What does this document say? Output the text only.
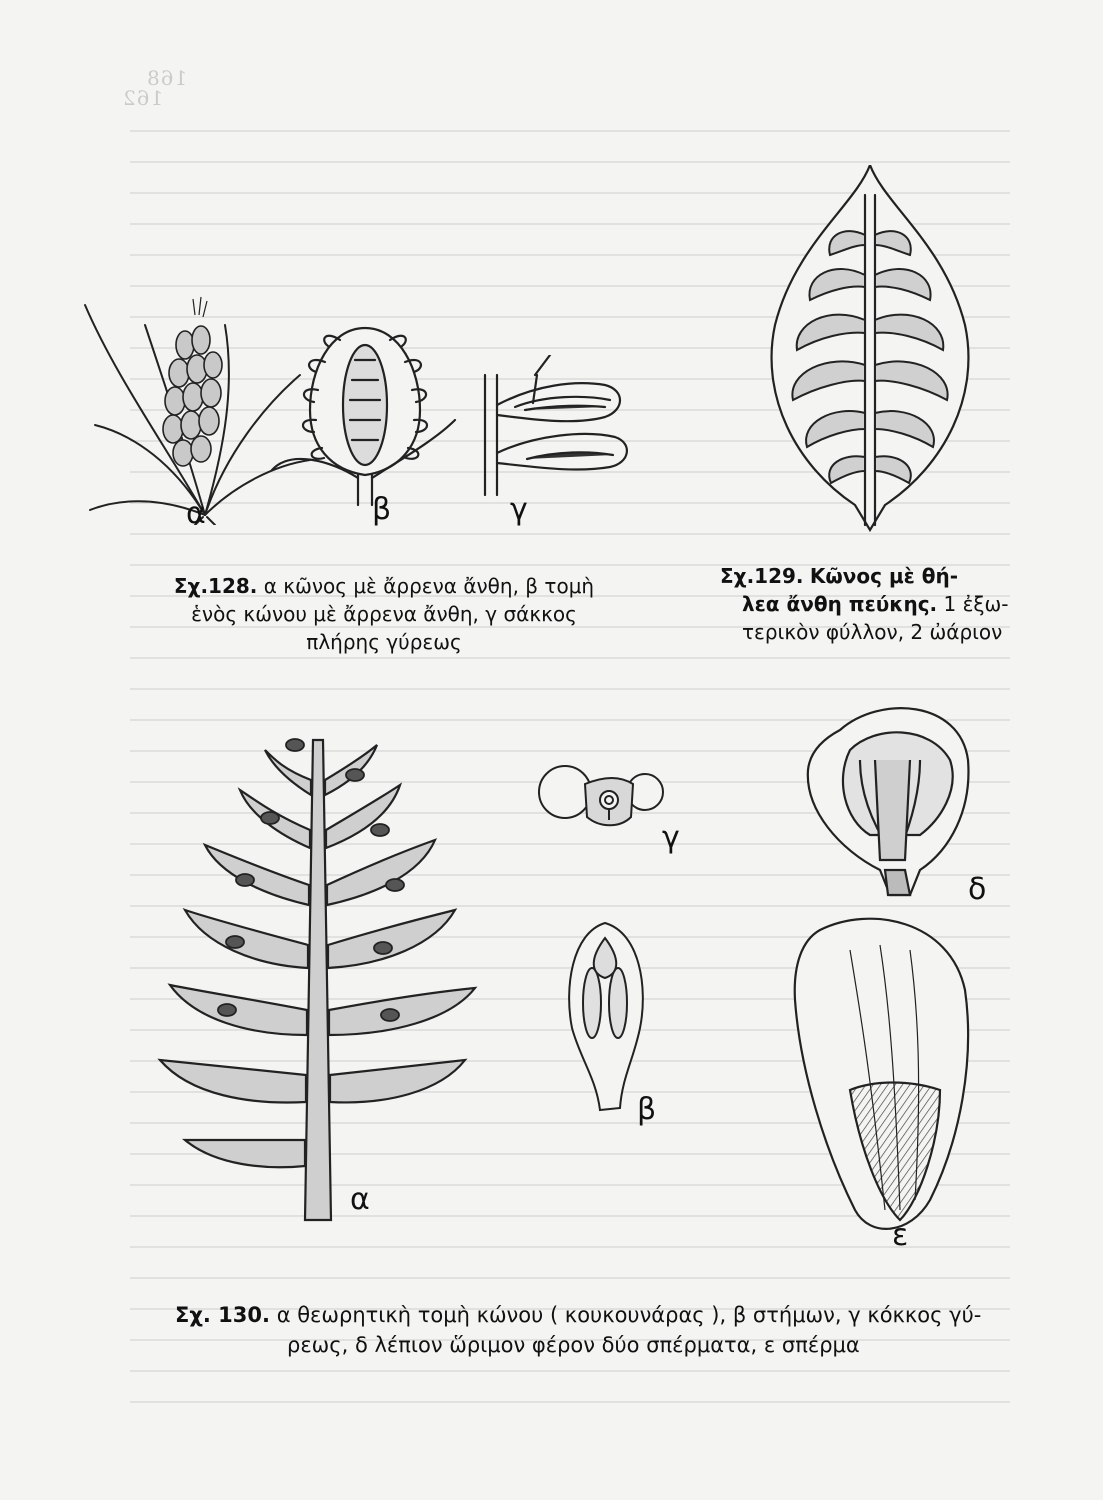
162
168
α	β	γ
Σχ.128. α κῶνος μὲ ἄρρενα ἄνθη, β τομὴ
ἑνὸς κώνου μὲ ἄρρενα ἄνθη, γ σάκκος
πλήρης γύρεως
Σχ.129. Κῶνος μὲ θή-
λεα ἄνθη πεύκης. 1 ἐξω-
τερικὸν φύλλον, 2 ὠάριον
α
γ
δ
β
ε
Σχ. 130. α θεωρητικὴ τομὴ κώνου ( κουκουνάρας ), β στήμων, γ κόκκος γύ-
ρεως, δ λέπιον ὥριμον φέρον δύο σπέρματα, ε σπέρμα
